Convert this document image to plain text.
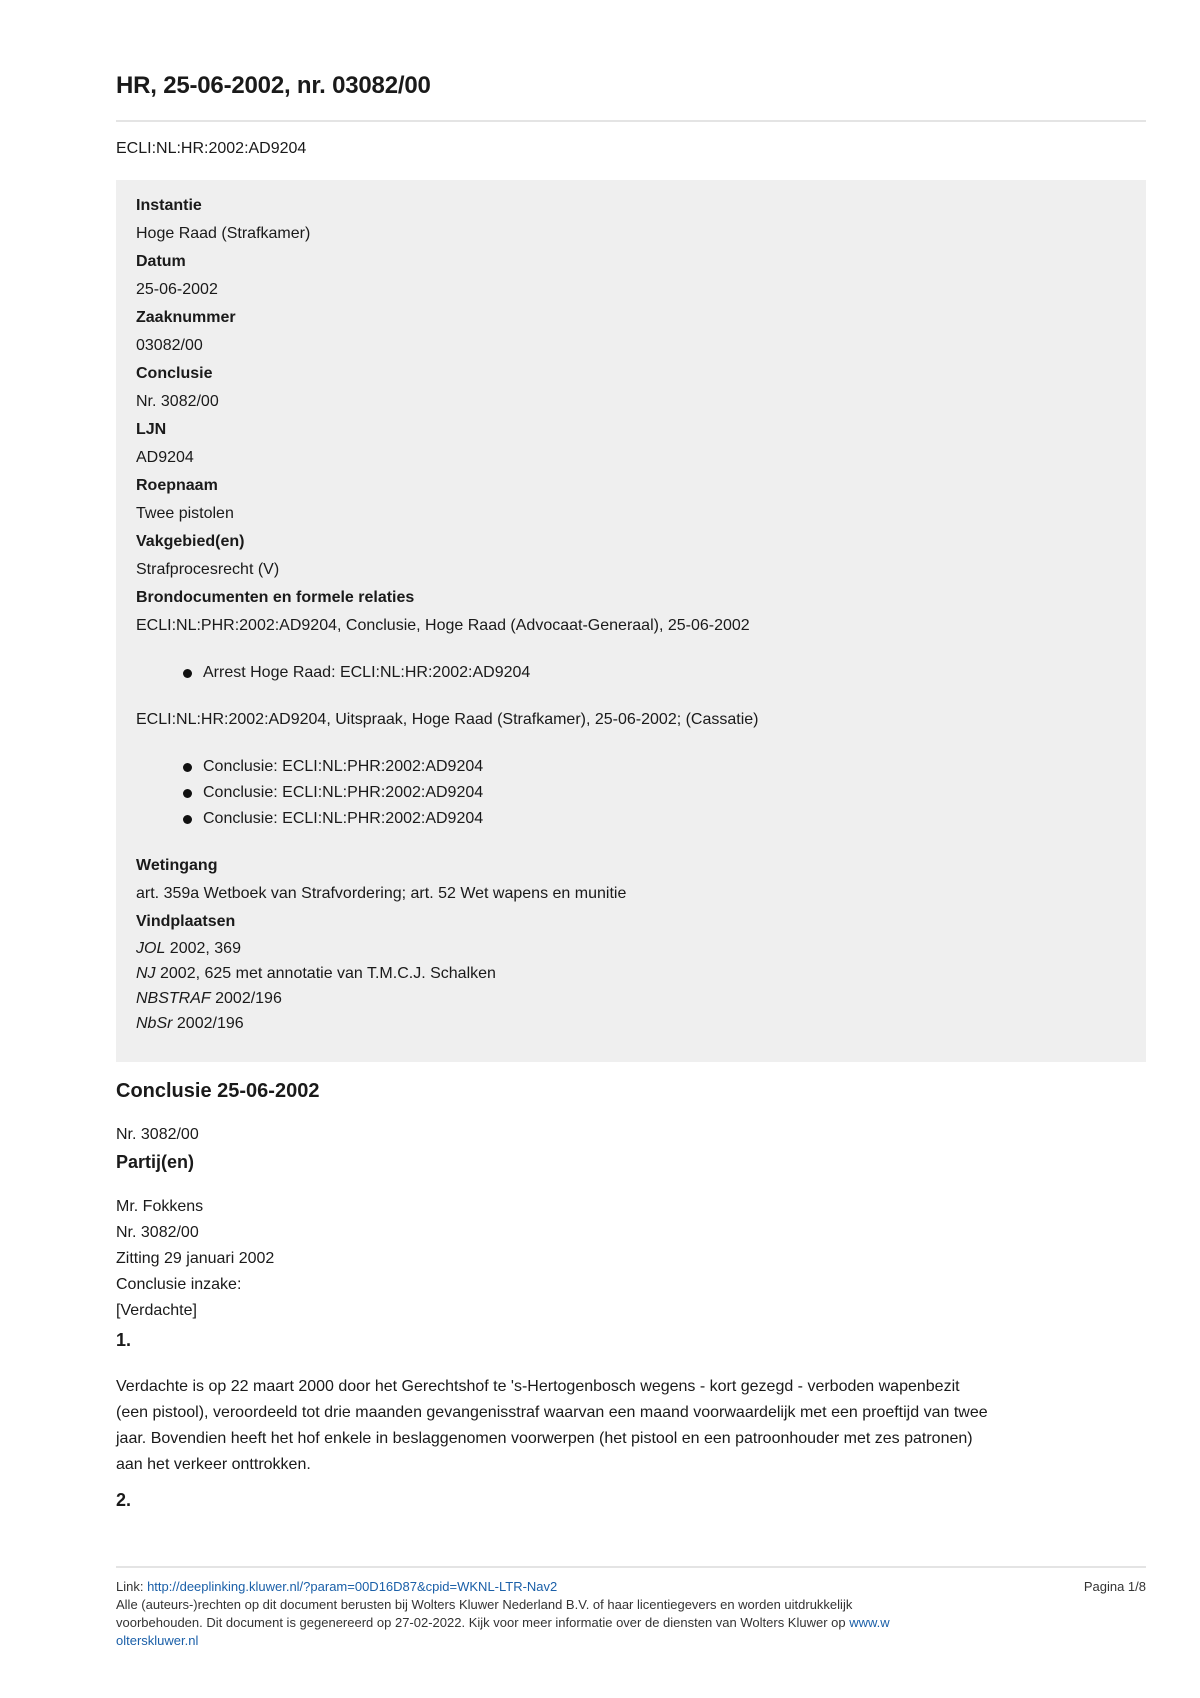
HR, 25-06-2002, nr. 03082/00
ECLI:NL:HR:2002:AD9204
Instantie
Hoge Raad (Strafkamer)
Datum
25-06-2002
Zaaknummer
03082/00
Conclusie
Nr. 3082/00
LJN
AD9204
Roepnaam
Twee pistolen
Vakgebied(en)
Strafprocesrecht (V)
Brondocumenten en formele relaties
ECLI:NL:PHR:2002:AD9204, Conclusie, Hoge Raad (Advocaat-Generaal), 25-06-2002
Arrest Hoge Raad: ECLI:NL:HR:2002:AD9204
ECLI:NL:HR:2002:AD9204, Uitspraak, Hoge Raad (Strafkamer), 25-06-2002; (Cassatie)
Conclusie: ECLI:NL:PHR:2002:AD9204
Conclusie: ECLI:NL:PHR:2002:AD9204
Conclusie: ECLI:NL:PHR:2002:AD9204
Wetingang
art. 359a Wetboek van Strafvordering; art. 52 Wet wapens en munitie
Vindplaatsen
JOL 2002, 369
NJ 2002, 625 met annotatie van T.M.C.J. Schalken
NBSTRAF 2002/196
NbSr 2002/196
Conclusie 25-06-2002
Nr. 3082/00
Partij(en)
Mr. Fokkens
Nr. 3082/00
Zitting 29 januari 2002
Conclusie inzake:
[Verdachte]
1.
Verdachte is op 22 maart 2000 door het Gerechtshof te 's-Hertogenbosch wegens - kort gezegd - verboden wapenbezit
(een pistool), veroordeeld tot drie maanden gevangenisstraf waarvan een maand voorwaardelijk met een proeftijd van twee
jaar. Bovendien heeft het hof enkele in beslaggenomen voorwerpen (het pistool en een patroonhouder met zes patronen)
aan het verkeer onttrokken.
2.
Link: http://deeplinking.kluwer.nl/?param=00D16D87&cpid=WKNL-LTR-Nav2	Pagina 1/8
Alle (auteurs-)rechten op dit document berusten bij Wolters Kluwer Nederland B.V. of haar licentiegevers en worden uitdrukkelijk
voorbehouden. Dit document is gegenereerd op 27-02-2022. Kijk voor meer informatie over de diensten van Wolters Kluwer op www.w
olterskluwer.nl
